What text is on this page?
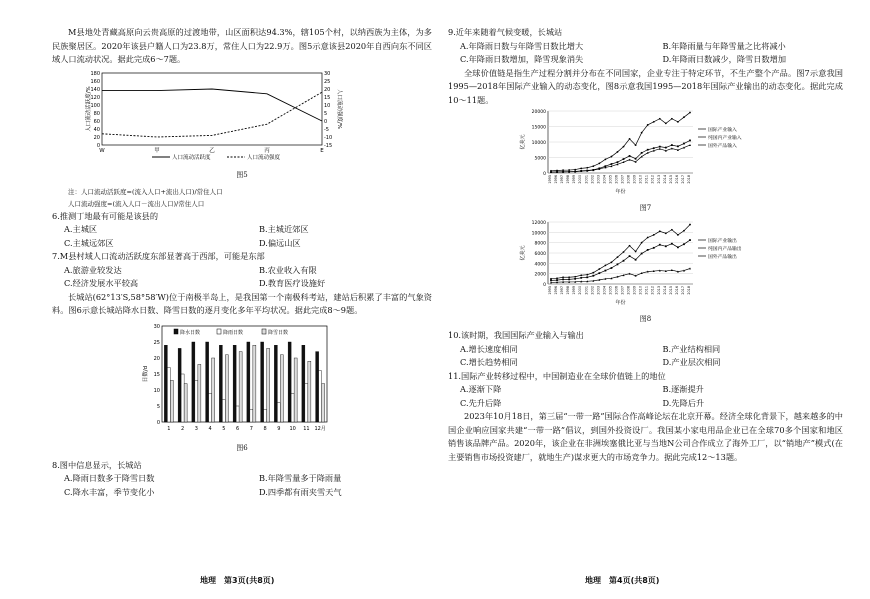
M县地处青藏高原向云贵高原的过渡地带，山区面积达94.3%，辖105个村，以纳西族为主体，为多民族聚居区。2020年该县户籍人口为23.8万，常住人口为22.9万。图5示意该县2020年自西向东不同区域人口流动状况。据此完成6～7题。

180
160
140
120
100
80
60
40
20
0
30
25
20
15
10
5
0
-5
-10
-15
人口流动活跃度/%	人口流动强度/%
W	甲	乙	丙	E
人口流动活跃度	人口流动强度
图5

注：人口流动活跃度=(流入人口+流出人口)/常住人口

人口流动强度=(流入人口－流出人口)/常住人口

6.推测丁地最有可能是该县的

A.主城区	B.主城近郊区
C.主城远郊区	D.偏远山区

7.M县村域人口流动活跃度东部显著高于西部，可能是东部

A.旅游业较发达	B.农业收入有限
C.经济发展水平较高	D.教育医疗设施好

长城站(62°13′S,58°58′W)位于南极半岛上，是我国第一个南极科考站，建站后积累了丰富的气象资料。图6示意长城站降水日数、降雪日数的逐月变化多年平均状况。据此完成8～9题。

30
25
20
15
10
5
0
日数/d
降水日数	降雨日数	降雪日数
1 2 3 4 5 6 7 8 9 10 11 12月
图6

8.图中信息显示，长城站

A.降雨日数多于降雪日数	B.年降雪量多于降雨量
C.降水丰富，季节变化小	D.四季都有雨夹雪天气

9.近年来随着气候变暖，长城站

A.年降雨日数与年降雪日数比增大	B.年降雨量与年降雪量之比将减小
C.年降雨日数增加，降雪现象消失	D.年降雨日数减少，降雪日数增加

全球价值链是指生产过程分割并分布在不同国家，企业专注于特定环节，不生产整个产品。图7示意我国1995—2018年国际产业输入的动态变化，图8示意我国1995—2018年国际产业输出的动态变化。据此完成10～11题。

20000
15000
10000
5000
0
亿美元
1995 1996 1997 1998 1999 2000 2001 2002 2003 2004 2005 2006 2007 2008 2009 2010 2011 2012 2013 2014 2015 2016 2017 2018
年份
国际产业输入
纯国内产业输入
国外产品输入
图7
12000
10000
8000
6000
4000
2000
0
亿美元
1995 1996 1997 1998 1999 2000 2001 2002 2003 2004 2005 2006 2007 2008 2009 2010 2011 2012 2013 2014 2015 2016 2017 2018
年份
国际产业输出
纯国内产品输出
国外产品输出
图8

10.该时期，我国国际产业输入与输出

A.增长速度相同	B.产业结构相同
C.增长趋势相同	D.产业层次相同

11.国际产业转移过程中，中国制造业在全球价值链上的地位

A.逐渐下降	B.逐渐提升
C.先升后降	D.先降后升

2023年10月18日，第三届“一带一路”国际合作高峰论坛在北京开幕。经济全球化背景下，越来越多的中国企业响应国家共建“一带一路”倡议，到国外投资设厂。我国某小家电用品企业已在全球70多个国家和地区销售该品牌产品。2020年，该企业在非洲埃塞俄比亚与当地N公司合作成立了海外工厂，以“销地产”模式(在主要销售市场投资建厂，就地生产)谋求更大的市场竞争力。据此完成12～13题。

地理　第3页(共8页)	地理　第4页(共8页)
